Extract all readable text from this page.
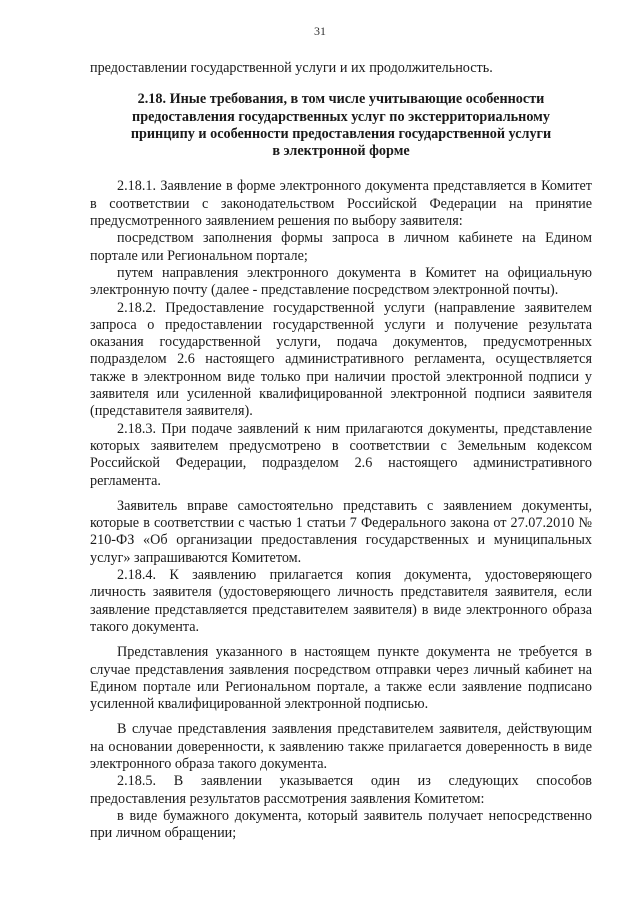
31

предоставлении государственной услуги и их продолжительность.

2.18. Иные требования, в том числе учитывающие особенности
предоставления государственных услуг по экстерриториальному
принципу и особенности предоставления государственной услуги
в электронной форме

2.18.1. Заявление в форме электронного документа представляется в Комитет в соответствии с законодательством Российской Федерации на принятие предусмотренного заявлением решения по выбору заявителя:

посредством заполнения формы запроса в личном кабинете на Едином портале или Региональном портале;

путем направления электронного документа в Комитет на официальную электронную почту (далее - представление посредством электронной почты).

2.18.2. Предоставление государственной услуги (направление заявителем запроса о предоставлении государственной услуги и получение результата оказания государственной услуги, подача документов, предусмотренных подразделом 2.6 настоящего административного регламента, осуществляется также в электронном виде только при наличии простой электронной подписи у заявителя или усиленной квалифицированной электронной подписи заявителя (представителя заявителя).

2.18.3. При подаче заявлений к ним прилагаются документы, представление которых заявителем предусмотрено в соответствии с Земельным кодексом Российской Федерации, подразделом 2.6 настоящего административного регламента.

Заявитель вправе самостоятельно представить с заявлением документы, которые в соответствии с частью 1 статьи 7 Федерального закона от 27.07.2010 № 210-ФЗ «Об организации предоставления государственных и муниципальных услуг» запрашиваются Комитетом.

2.18.4. К заявлению прилагается копия документа, удостоверяющего личность заявителя (удостоверяющего личность представителя заявителя, если заявление представляется представителем заявителя) в виде электронного образа такого документа.

Представления указанного в настоящем пункте документа не требуется в случае представления заявления посредством отправки через личный кабинет на Едином портале или Региональном портале, а также если заявление подписано усиленной квалифицированной электронной подписью.

В случае представления заявления представителем заявителя, действующим на основании доверенности, к заявлению также прилагается доверенность в виде электронного образа такого документа.

2.18.5. В заявлении указывается один из следующих способов предоставления результатов рассмотрения заявления Комитетом:

в виде бумажного документа, который заявитель получает непосредственно при личном обращении;
